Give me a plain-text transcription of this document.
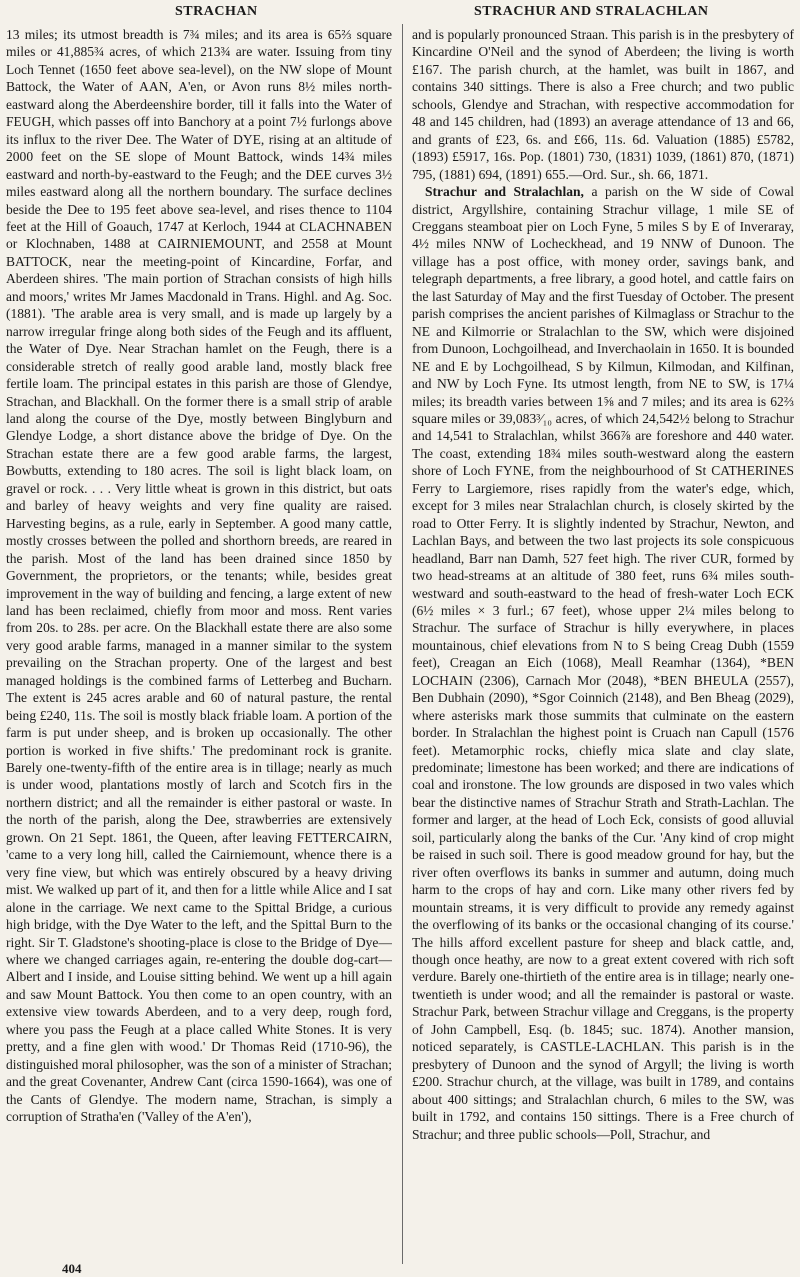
STRACHAN	STRACHUR AND STRALACHLAN

13 miles; its utmost breadth is 7¾ miles; and its area is 65⅔ square miles or 41,885¾ acres, of which 213¾ are water. Issuing from tiny Loch Tennet (1650 feet above sea-level), on the NW slope of Mount Battock, the Water of AAN, A'en, or Avon runs 8½ miles north-eastward along the Aberdeenshire border, till it falls into the Water of FEUGH, which passes off into Banchory at a point 7½ furlongs above its influx to the river Dee. The Water of DYE, rising at an altitude of 2000 feet on the SE slope of Mount Battock, winds 14¾ miles eastward and north-by-eastward to the Feugh; and the DEE curves 3½ miles eastward along all the northern boundary. The surface declines beside the Dee to 195 feet above sea-level, and rises thence to 1104 feet at the Hill of Goauch, 1747 at Kerloch, 1944 at CLACHNABEN or Klochnaben, 1488 at CAIRNIEMOUNT, and 2558 at Mount BATTOCK, near the meeting-point of Kincardine, Forfar, and Aberdeen shires. 'The main portion of Strachan consists of high hills and moors,' writes Mr James Macdonald in Trans. Highl. and Ag. Soc. (1881). 'The arable area is very small, and is made up largely by a narrow irregular fringe along both sides of the Feugh and its affluent, the Water of Dye. Near Strachan hamlet on the Feugh, there is a considerable stretch of really good arable land, mostly black free fertile loam. The principal estates in this parish are those of Glendye, Strachan, and Blackhall. On the former there is a small strip of arable land along the course of the Dye, mostly between Binglyburn and Glendye Lodge, a short distance above the bridge of Dye. On the Strachan estate there are a few good arable farms, the largest, Bowbutts, extending to 180 acres. The soil is light black loam, on gravel or rock. . . . Very little wheat is grown in this district, but oats and barley of heavy weights and very fine quality are raised. Harvesting begins, as a rule, early in September. A good many cattle, mostly crosses between the polled and shorthorn breeds, are reared in the parish. Most of the land has been drained since 1850 by Government, the proprietors, or the tenants; while, besides great improvement in the way of building and fencing, a large extent of new land has been reclaimed, chiefly from moor and moss. Rent varies from 20s. to 28s. per acre. On the Blackhall estate there are also some very good arable farms, managed in a manner similar to the system prevailing on the Strachan property. One of the largest and best managed holdings is the combined farms of Letterbeg and Bucharn. The extent is 245 acres arable and 60 of natural pasture, the rental being £240, 11s. The soil is mostly black friable loam. A portion of the farm is put under sheep, and is broken up occasionally. The other portion is worked in five shifts.' The predominant rock is granite. Barely one-twenty-fifth of the entire area is in tillage; nearly as much is under wood, plantations mostly of larch and Scotch firs in the northern district; and all the remainder is either pastoral or waste. In the north of the parish, along the Dee, strawberries are extensively grown. On 21 Sept. 1861, the Queen, after leaving FETTERCAIRN, 'came to a very long hill, called the Cairniemount, whence there is a very fine view, but which was entirely obscured by a heavy driving mist. We walked up part of it, and then for a little while Alice and I sat alone in the carriage. We next came to the Spittal Bridge, a curious high bridge, with the Dye Water to the left, and the Spittal Burn to the right. Sir T. Gladstone's shooting-place is close to the Bridge of Dye—where we changed carriages again, re-entering the double dog-cart—Albert and I inside, and Louise sitting behind. We went up a hill again and saw Mount Battock. You then come to an open country, with an extensive view towards Aberdeen, and to a very deep, rough ford, where you pass the Feugh at a place called White Stones. It is very pretty, and a fine glen with wood.' Dr Thomas Reid (1710-96), the distinguished moral philosopher, was the son of a minister of Strachan; and the great Covenanter, Andrew Cant (circa 1590-1664), was one of the Cants of Glendye. The modern name, Strachan, is simply a corruption of Stratha'en ('Valley of the A'en'),

and is popularly pronounced Straan. This parish is in the presbytery of Kincardine O'Neil and the synod of Aberdeen; the living is worth £167. The parish church, at the hamlet, was built in 1867, and contains 340 sittings. There is also a Free church; and two public schools, Glendye and Strachan, with respective accommodation for 48 and 145 children, had (1893) an average attendance of 13 and 66, and grants of £23, 6s. and £66, 11s. 6d. Valuation (1885) £5782, (1893) £5917, 16s. Pop. (1801) 730, (1831) 1039, (1861) 870, (1871) 795, (1881) 694, (1891) 655.—Ord. Sur., sh. 66, 1871.

Strachur and Stralachlan, a parish on the W side of Cowal district, Argyllshire, containing Strachur village, 1 mile SE of Creggans steamboat pier on Loch Fyne, 5 miles S by E of Inveraray, 4½ miles NNW of Locheckhead, and 19 NNW of Dunoon. The village has a post office, with money order, savings bank, and telegraph departments, a free library, a good hotel, and cattle fairs on the last Saturday of May and the first Tuesday of October. The present parish comprises the ancient parishes of Kilmaglass or Strachur to the NE and Kilmorrie or Stralachlan to the SW, which were disjoined from Dunoon, Lochgoilhead, and Inverchaolain in 1650. It is bounded NE and E by Lochgoilhead, S by Kilmun, Kilmodan, and Kilfinan, and NW by Loch Fyne. Its utmost length, from NE to SW, is 17¼ miles; its breadth varies between 1⅝ and 7 miles; and its area is 62⅔ square miles or 39,083³⁄₁₀ acres, of which 24,542½ belong to Strachur and 14,541 to Stralachlan, whilst 366⅞ are foreshore and 440 water. The coast, extending 18¾ miles south-westward along the eastern shore of Loch FYNE, from the neighbourhood of St CATHERINES Ferry to Largiemore, rises rapidly from the water's edge, which, except for 3 miles near Stralachlan church, is closely skirted by the road to Otter Ferry. It is slightly indented by Strachur, Newton, and Lachlan Bays, and between the two last projects its sole conspicuous headland, Barr nan Damh, 527 feet high. The river CUR, formed by two head-streams at an altitude of 380 feet, runs 6¾ miles south-westward and south-eastward to the head of fresh-water Loch ECK (6½ miles × 3 furl.; 67 feet), whose upper 2¼ miles belong to Strachur. The surface of Strachur is hilly everywhere, in places mountainous, chief elevations from N to S being Creag Dubh (1559 feet), Creagan an Eich (1068), Meall Reamhar (1364), *BEN LOCHAIN (2306), Carnach Mor (2048), *BEN BHEULA (2557), Ben Dubhain (2090), *Sgor Coinnich (2148), and Ben Bheag (2029), where asterisks mark those summits that culminate on the eastern border. In Stralachlan the highest point is Cruach nan Capull (1576 feet). Metamorphic rocks, chiefly mica slate and clay slate, predominate; limestone has been worked; and there are indications of coal and ironstone. The low grounds are disposed in two vales which bear the distinctive names of Strachur Strath and Strath-Lachlan. The former and larger, at the head of Loch Eck, consists of good alluvial soil, particularly along the banks of the Cur. 'Any kind of crop might be raised in such soil. There is good meadow ground for hay, but the river often overflows its banks in summer and autumn, doing much harm to the crops of hay and corn. Like many other rivers fed by mountain streams, it is very difficult to provide any remedy against the overflowing of its banks or the occasional changing of its course.' The hills afford excellent pasture for sheep and black cattle, and, though once heathy, are now to a great extent covered with rich soft verdure. Barely one-thirtieth of the entire area is in tillage; nearly one-twentieth is under wood; and all the remainder is pastoral or waste. Strachur Park, between Strachur village and Creggans, is the property of John Campbell, Esq. (b. 1845; suc. 1874). Another mansion, noticed separately, is CASTLE-LACHLAN. This parish is in the presbytery of Dunoon and the synod of Argyll; the living is worth £200. Strachur church, at the village, was built in 1789, and contains about 400 sittings; and Stralachlan church, 6 miles to the SW, was built in 1792, and contains 150 sittings. There is a Free church of Strachur; and three public schools—Poll, Strachur, and

404
